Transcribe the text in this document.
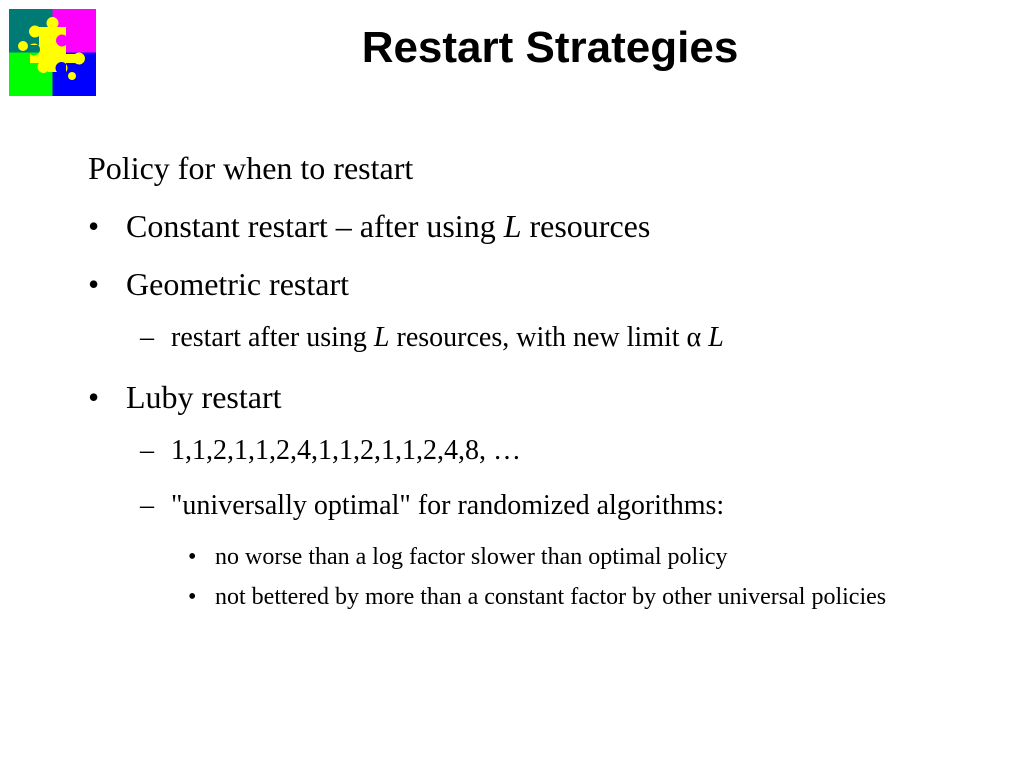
Restart Strategies
Policy for when to restart
• Constant restart – after using L resources
• Geometric restart
– restart after using L resources, with new limit α L
• Luby restart
– 1,1,2,1,1,2,4,1,1,2,1,1,2,4,8, …
– "universally optimal" for randomized algorithms:
• no worse than a log factor slower than optimal policy
• not bettered by more than a constant factor by other universal policies
